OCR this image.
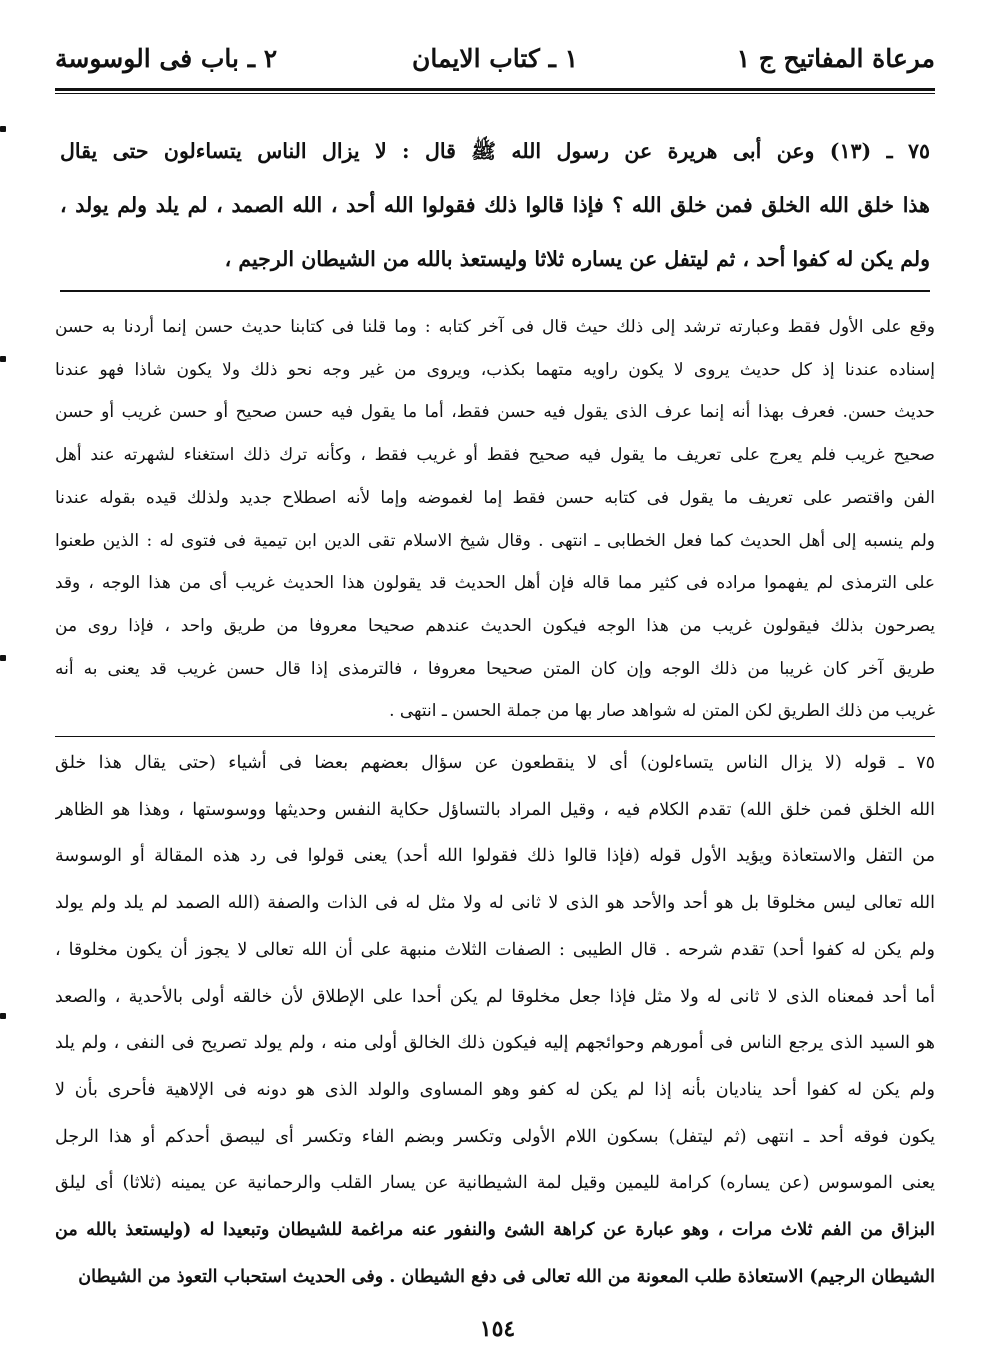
مرعاة المفاتيح ج ١
١ ـ كتاب الايمان
٢ ـ باب فى الوسوسة

٧٥ ـ (١٣) وعن أبى هريرة عن رسول الله ﷺ قال : لا يزال الناس يتساءلون حتى يقال

هذا خلق الله الخلق فمن خلق الله ؟ فإذا قالوا ذلك فقولوا الله أحد ، الله الصمد ، لم يلد ولم يولد ،

ولم يكن له كفوا أحد ، ثم ليتفل عن يساره ثلاثا وليستعذ بالله من الشيطان الرجيم ،

وقع على الأول فقط وعبارته ترشد إلى ذلك حيث قال فى آخر كتابه : وما قلنا فى كتابنا حديث حسن إنما أردنا به حسن

إسناده عندنا إذ كل حديث يروى لا يكون راويه متهما بكذب، ويروى من غير وجه نحو ذلك ولا يكون شاذا فهو عندنا

حديث حسن. فعرف بهذا أنه إنما عرف الذى يقول فيه حسن فقط، أما ما يقول فيه حسن صحيح أو حسن غريب أو حسن

صحيح غريب فلم يعرج على تعريف ما يقول فيه صحيح فقط أو غريب فقط ، وكأنه ترك ذلك استغناء لشهرته عند أهل

الفن واقتصر على تعريف ما يقول فى كتابه حسن فقط إما لغموضه وإما لأنه اصطلاح جديد ولذلك قيده بقوله عندنا

ولم ينسبه إلى أهل الحديث كما فعل الخطابى ـ انتهى . وقال شيخ الاسلام تقى الدين ابن تيمية فى فتوى له : الذين طعنوا

على الترمذى لم يفهموا مراده فى كثير مما قاله فإن أهل الحديث قد يقولون هذا الحديث غريب أى من هذا الوجه ، وقد

يصرحون بذلك فيقولون غريب من هذا الوجه فيكون الحديث عندهم صحيحا معروفا من طريق واحد ، فإذا روى من

طريق آخر كان غريبا من ذلك الوجه وإن كان المتن صحيحا معروفا ، فالترمذى إذا قال حسن غريب قد يعنى به أنه

غريب من ذلك الطريق لكن المتن له شواهد صار بها من جملة الحسن ـ انتهى .

٧٥ ـ قوله (لا يزال الناس يتساءلون) أى لا ينقطعون عن سؤال بعضهم بعضا فى أشياء (حتى يقال هذا خلق

الله الخلق فمن خلق الله) تقدم الكلام فيه ، وقيل المراد بالتساؤل حكاية النفس وحديثها ووسوستها ، وهذا هو الظاهر

من التفل والاستعاذة ويؤيد الأول قوله (فإذا قالوا ذلك فقولوا الله أحد) يعنى قولوا فى رد هذه المقالة أو الوسوسة

الله تعالى ليس مخلوقا بل هو أحد والأحد هو الذى لا ثانى له ولا مثل له فى الذات والصفة (الله الصمد لم يلد ولم يولد

ولم يكن له كفوا أحد) تقدم شرحه . قال الطيبى : الصفات الثلاث منبهة على أن الله تعالى لا يجوز أن يكون مخلوقا ،

أما أحد فمعناه الذى لا ثانى له ولا مثل فإذا جعل مخلوقا لم يكن أحدا على الإطلاق لأن خالقه أولى بالأحدية ، والصعد

هو السيد الذى يرجع الناس فى أمورهم وحوائجهم إليه فيكون ذلك الخالق أولى منه ، ولم يولد تصريح فى النفى ، ولم يلد

ولم يكن له كفوا أحد ينادیان بأنه إذا لم يكن له كفو وهو المساوى والولد الذى هو دونه فى الإلاهية فأحرى بأن لا

يكون فوقه أحد ـ انتهى (ثم ليتفل) بسكون اللام الأولى وتكسر وبضم الفاء وتكسر أى ليبصق أحدكم أو هذا الرجل

يعنى الموسوس (عن يساره) كرامة لليمين وقيل لمة الشيطانية عن يسار القلب والرحمانية عن يمينه (ثلاثا) أى ليلق

البزاق من الفم ثلاث مرات ، وهو عبارة عن كراهة الشئ والنفور عنه مراغمة للشيطان وتبعيدا له (وليستعذ بالله من

الشيطان الرجيم) الاستعاذة طلب المعونة من الله تعالى فى دفع الشيطان . وفى الحديث استحباب التعوذ من الشيطان

١٥٤
